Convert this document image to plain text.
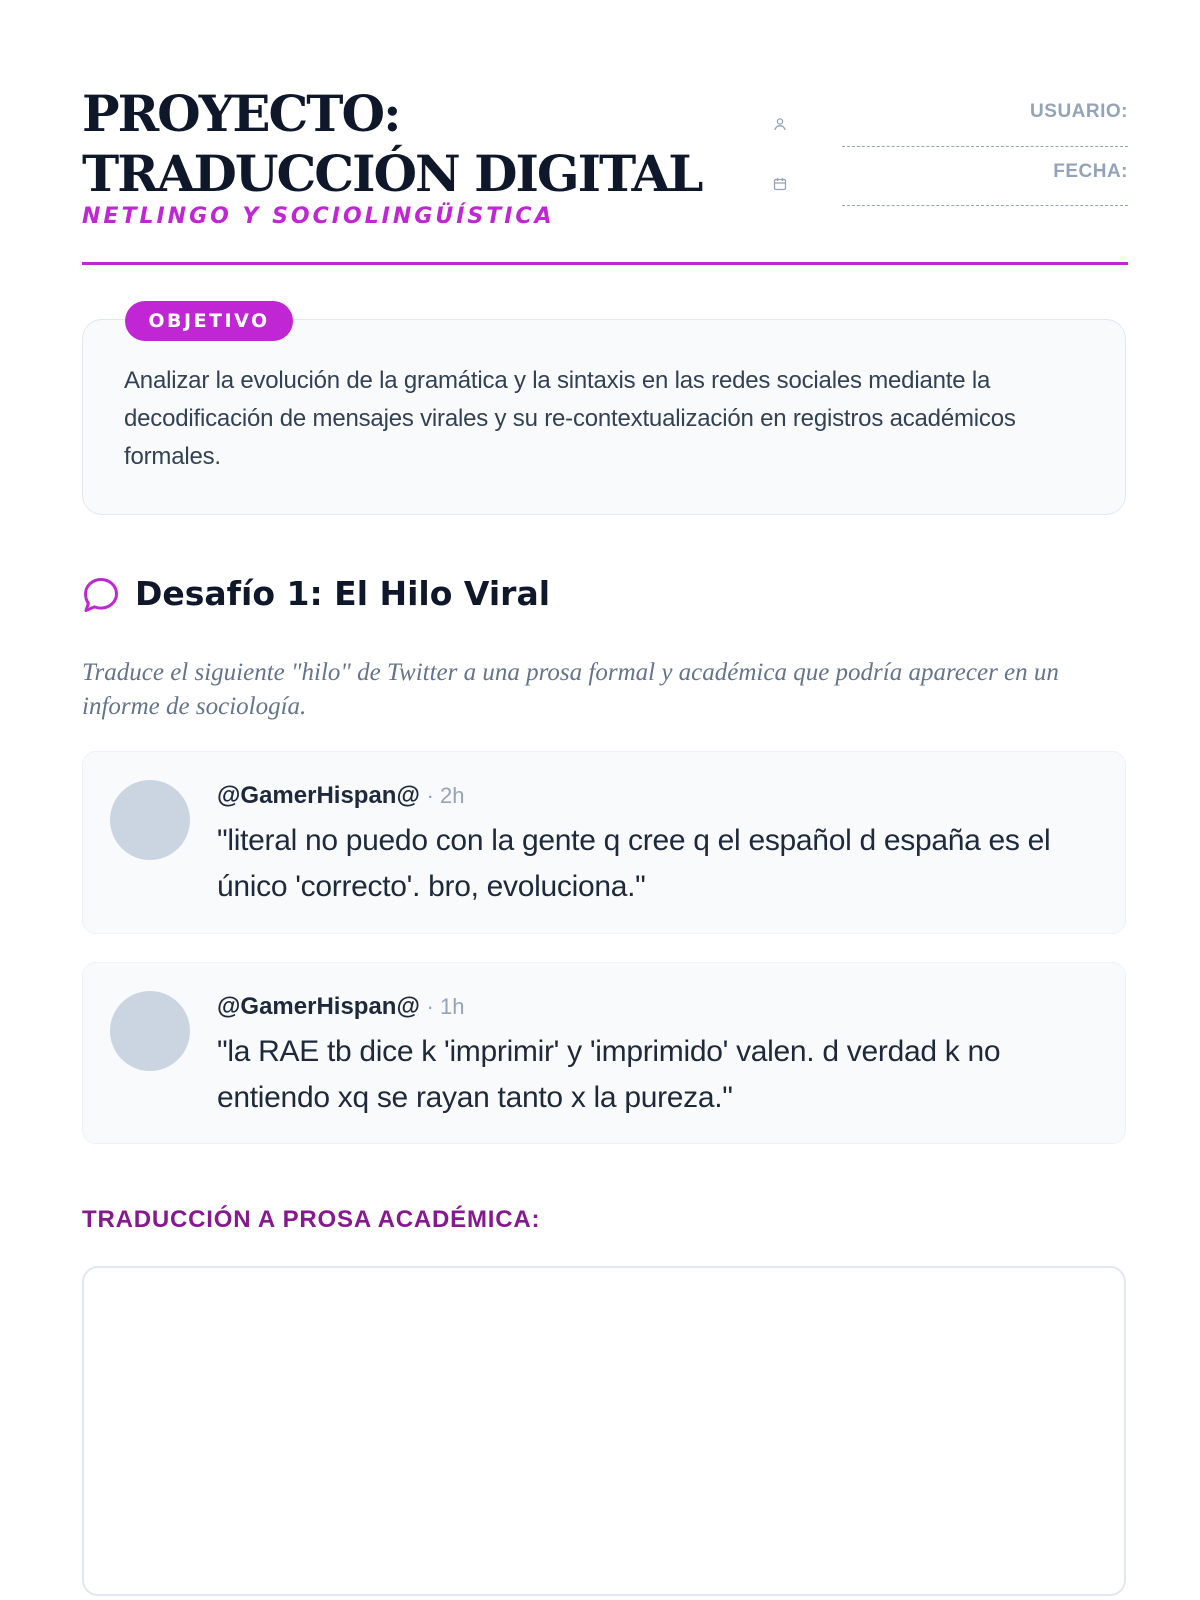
PROYECTO: TRADUCCIÓN DIGITAL
NETLINGO Y SOCIOLINGÜÍSTICA
USUARIO:
FECHA:
OBJETIVO

Analizar la evolución de la gramática y la sintaxis en las redes sociales mediante la decodificación de mensajes virales y su re-contextualización en registros académicos formales.

Desafío 1: El Hilo Viral

Traduce el siguiente "hilo" de Twitter a una prosa formal y académica que podría aparecer en un informe de sociología.

@GamerHispan@ · 2h

"literal no puedo con la gente q cree q el español d españa es el único 'correcto'. bro, evoluciona."

@GamerHispan@ · 1h

"la RAE tb dice k 'imprimir' y 'imprimido' valen. d verdad k no entiendo xq se rayan tanto x la pureza."

TRADUCCIÓN A PROSA ACADÉMICA:
